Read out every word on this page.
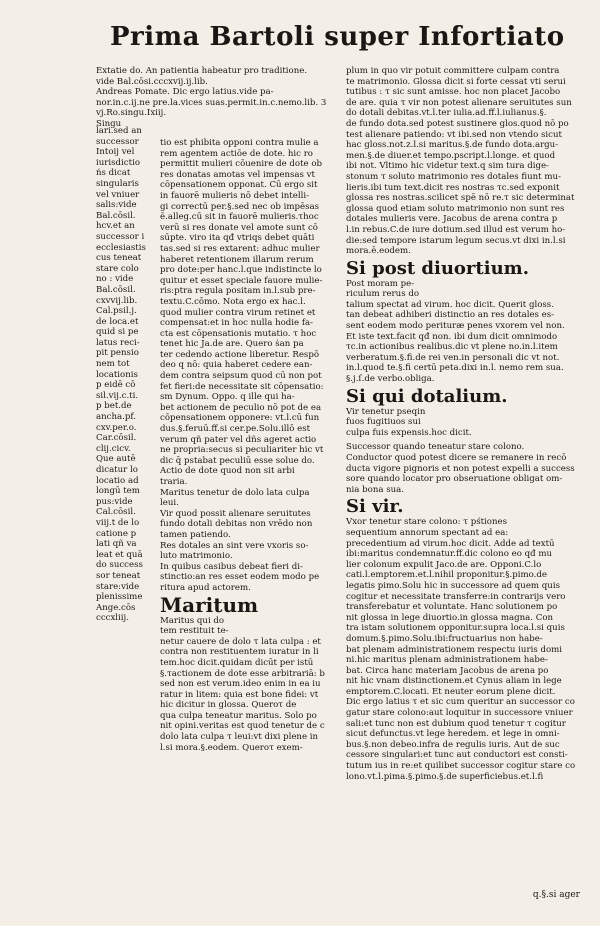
Prima Bartoli super Infortiato
Extatie do. An patientia habeatur pro traditione.
vide Bal.cōsi.cccxvij.ij.lib.
Andreas Pomate. Dic ergo latius.vide pa-
nor.in.c.ij.ne pre.la.vices suas.permit.in.c.nemo.lib. 3
vj.Ro.singu.Ixiij.
Singu
lari.sed an
successor
Intoij vel
iurisdictio
ńs dicat
singularis
vel vniuer
salis:vide
Bal.cōsil.
hcv.et an
successor i
ecclesiastis
cus teneat
stare colo
no : vide
Bal.cōsil.
cxvvij.lib.
Cal.psil.j.
de loca.et
quid si pe
latus reci-
pit pensio
nem tot
locationis
p eidē cō
sil.vij.c.ti.
p bet.de
ancha.pf.
cxv.per.o.
Car.cōsil.
clij.cicv.
Que autē
dicatur lo
locatio ad
longū tem
pus:vide
Cal.cōsil.
viij.t de lo
catione p
lati qñ va
leat et quā
do success
sor teneat
stare:vide
plenissime
Ange.cōs
cccxliij.
tio est phibita opponi contra mulie a
rem agentem actiōe de dote. hic ro
permittit mulieri cōuenire de dote ob
res donatas amotas vel impensas vt
cōpensationem opponat. Cū ergo sit
in fauorē mulieris nō debet intelli-
gi correctū per.§.sed nec ob impēsas
ē.alleg.cū sit in fauorē mulieris.τhoc
verū si res donate vel amote sunt cō
sūpte. viro ita qđ vtriqs debet quāti
tas.sed si res extarent: adhuc mulier
haberet retentionem illarum rerum
pro dote:per hanc.l.que indistincte lo
quitur et esset speciale fauore mulie-
ris:ptra regula positam in.l.sub pre-
textu.C.cōmo. Nota ergo ex hac.l.
quod mulier contra virum retinet et
compensat:et in hoc nulla hodie fa-
cta est cōpensationis mutatio. τ hoc
tenet hic Ja.de are. Quero ṡan pa
ter cedendo actione liberetur. Respō
deo q nō: quia haberet cedere ean-
dem contra seipsum quod cū non pot
fet fieri:de necessitate sit cōpensatio:
sm Dynum. Oppo. q ille qui ha-
bet actionem de peculio nō pot de ea
cōpensationem opponere: vt.l.cū fun
dus.§.feruū.ff.si cer.pe.Solu.illō est
verum qñ pater vel dñs ageret actio
ne propria:secus si peculiariter hic vt
dic q̄ pstabat peculiū esse solue do.
Actio de dote quod non sit arbi
traria.
Maritus tenetur de dolo lata culpa
leui.
Vir quod possit alienare seruitutes
fundo dotali debitas non vrēdo non
tamen patiendo.
Res dotales an sint vere vxoris so-
luto matrimonio.
In quibus casibus debeat fieri di-
stinctio:an res esset eodem modo pe
ritura apud actorem.
Maritum
Maritus qui do
tem restituit te-
netur cauere de dolo τ lata culpa : et
contra non restituentem iuratur in li
tem.hoc dicit.quidam dicūt per istū
§.τactionem de dote esse arbitrariā: b
sed non est verum.ideo enim in ea iu
ratur in litem: quia est bone fidei: vt
hic dicitur in glossa. Queroτ de
qua culpa teneatur maritus. Solo po
nit opini.veritas est quod tenetur de c
dolo lata culpa τ leui:vt dixi plene in
l.si mora.§.eodem. Queroτ exem-
plum in quo vir potuit committere culpam contra
te matrimonio. Glossa dicit si forte cessat vti serui
tutibus : τ sic sunt amisse. hoc non placet Jacobo
de are. quia τ vir non potest alienare seruitutes sun
do dotali debitas.vt.l.ter iulia.ad.ff.l.iulianus.§.
de fundo dota.sed potest sustinere glos.quod nō po
test alienare patiendo: vt ibi.sed non vtendo sicut
hac gloss.not.z.l.si maritus.§.de fundo dota.argu-
men.§.de diuer.et tempo.pscript.l.longe. et quod
ibi not. Vltimo hic videtur text.q sim tura dige-
stonum τ soluto matrimonio res dotales fiunt mu-
lieris.ibi tum text.dicit res nostras τc.sed exponit
glossa res nostras.scilicet spē nō re.τ sic determinat
glossa quod etiam soluto matrimonio non sunt res
dotales mulieris vere. Jacobus de arena contra p
l.in rebus.C.de iure dotium.sed illud est verum ho-
die:sed tempore istarum legum secus.vt dixi in.l.si
mora.ē.eodem.
Si post diuortium.
Post moram pe-
riculum rerus do
talium spectat ad virum. hoc dicit. Querit gloss.
tan debeat adhiberi distinctio an res dotales es-
sent eodem modo perituræ penes vxorem vel non.
Et iste text.facit qđ non. ibi dum dicit omnimodo
τc.in actionibus realibus.dic vt plene no.in.l.item
verberatum.§.fi.de rei ven.in personali dic vt not.
in.l.quod te.§.fi certū peta.dixi in.l. nemo rem sua.
§.j.ſ.de verbo.obliga.
Si qui dotalium.
Vir tenetur pseqin
fuos fugitiuos sui
culpa fuis expensis.hoc dicit.
Successor quando teneatur stare colono.
Conductor quod potest dicere se remanere in recō
ducta vigore pignoris et non potest expelli a success
sore quando locator pro obseruatione obligat om-
nia bona sua.
Si vir.
Vxor tenetur stare colono: τ pśtiones
sequentium annorum spectant ad ea:
precedentium ad virum.hoc dicit. Adde ad textū
ibi:maritus condemnatur.ff.dic colono eo qđ mu
lier colonum expulit Jaco.de are. Opponi.C.lo
cati.l.emptorem.et.l.nihil proponitur.§.pimo.de
legatis pimo.Solu hic in successore ad quem quis
cogitur et necessitate transferre:in contrarijs vero
transferebatur et voluntate. Hanc solutionem po
nit glossa in lege diuortio.in glossa magna. Con
tra istam solutionem opponitur.supra loca.l.si quis
domum.§.pimo.Solu.ibi:fructuarius non habe-
bat plenam administrationem respectu iuris domi
ni.hic maritus plenam administrationem habe-
bat. Circa hanc materiam Jacobus de arena po
nit hic vnam distinctionem.et Cynus aliam in lege
emptorem.C.locati. Et neuter eorum plene dicit.
Dic ergo latius τ et sic cum queritur an successor co
gatur stare colono:aut loquitur in successore vniuer
sali:et tunc non est dubium quod tenetur τ cogitur
sicut defunctus.vt lege heredem. et lege in omni-
bus.§.non debeo.infra de regulis iuris. Aut de suc
cessore singulari:et tunc aut conductori est consti-
tutum ius in re:et quilibet successor cogitur stare co
lono.vt.l.pima.§.pimo.§.de superficiebus.et.l.fi
q.§.si ager
